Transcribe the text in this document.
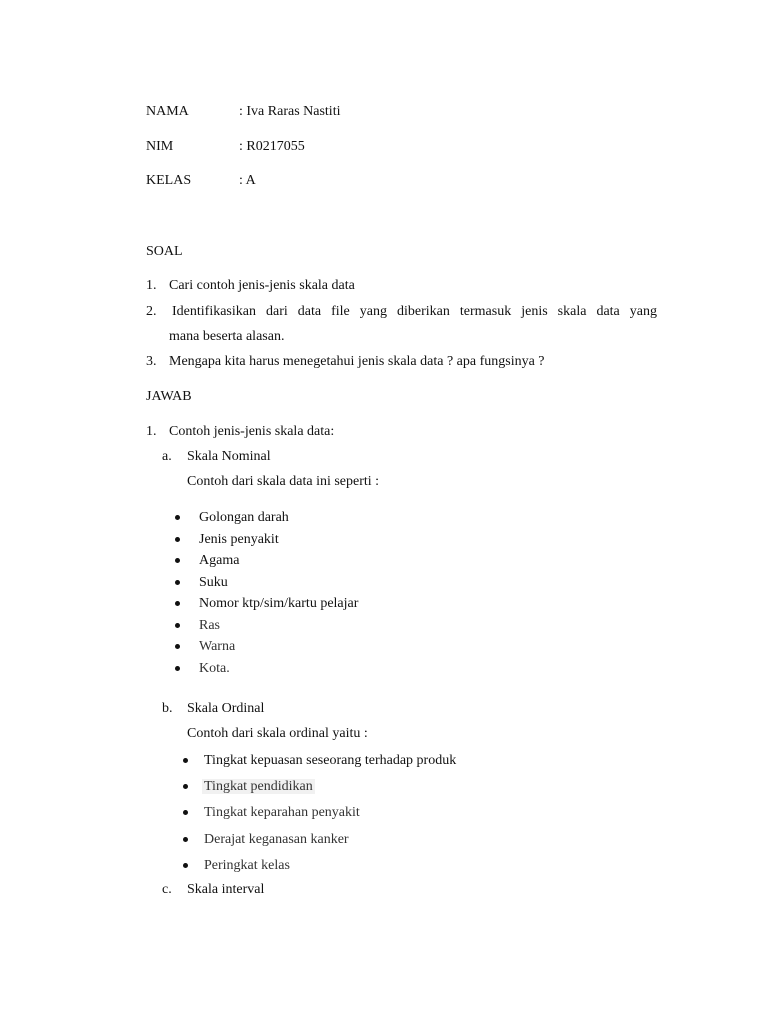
NAMA	: Iva Raras Nastiti
NIM	: R0217055
KELAS	: A
SOAL
1. Cari contoh jenis-jenis skala data
2. Identifikasikan dari data file yang diberikan termasuk jenis skala data yang
mana beserta alasan.
3. Mengapa kita harus menegetahui jenis skala data ? apa fungsinya ?
JAWAB
1. Contoh jenis-jenis skala data:
a. Skala Nominal
Contoh dari skala data ini seperti :
Golongan darah
Jenis penyakit
Agama
Suku
Nomor ktp/sim/kartu pelajar
Ras
Warna
Kota.
b. Skala Ordinal
Contoh dari skala ordinal yaitu :
Tingkat kepuasan seseorang terhadap produk
Tingkat pendidikan
Tingkat keparahan penyakit
Derajat keganasan kanker
Peringkat kelas
c. Skala interval
